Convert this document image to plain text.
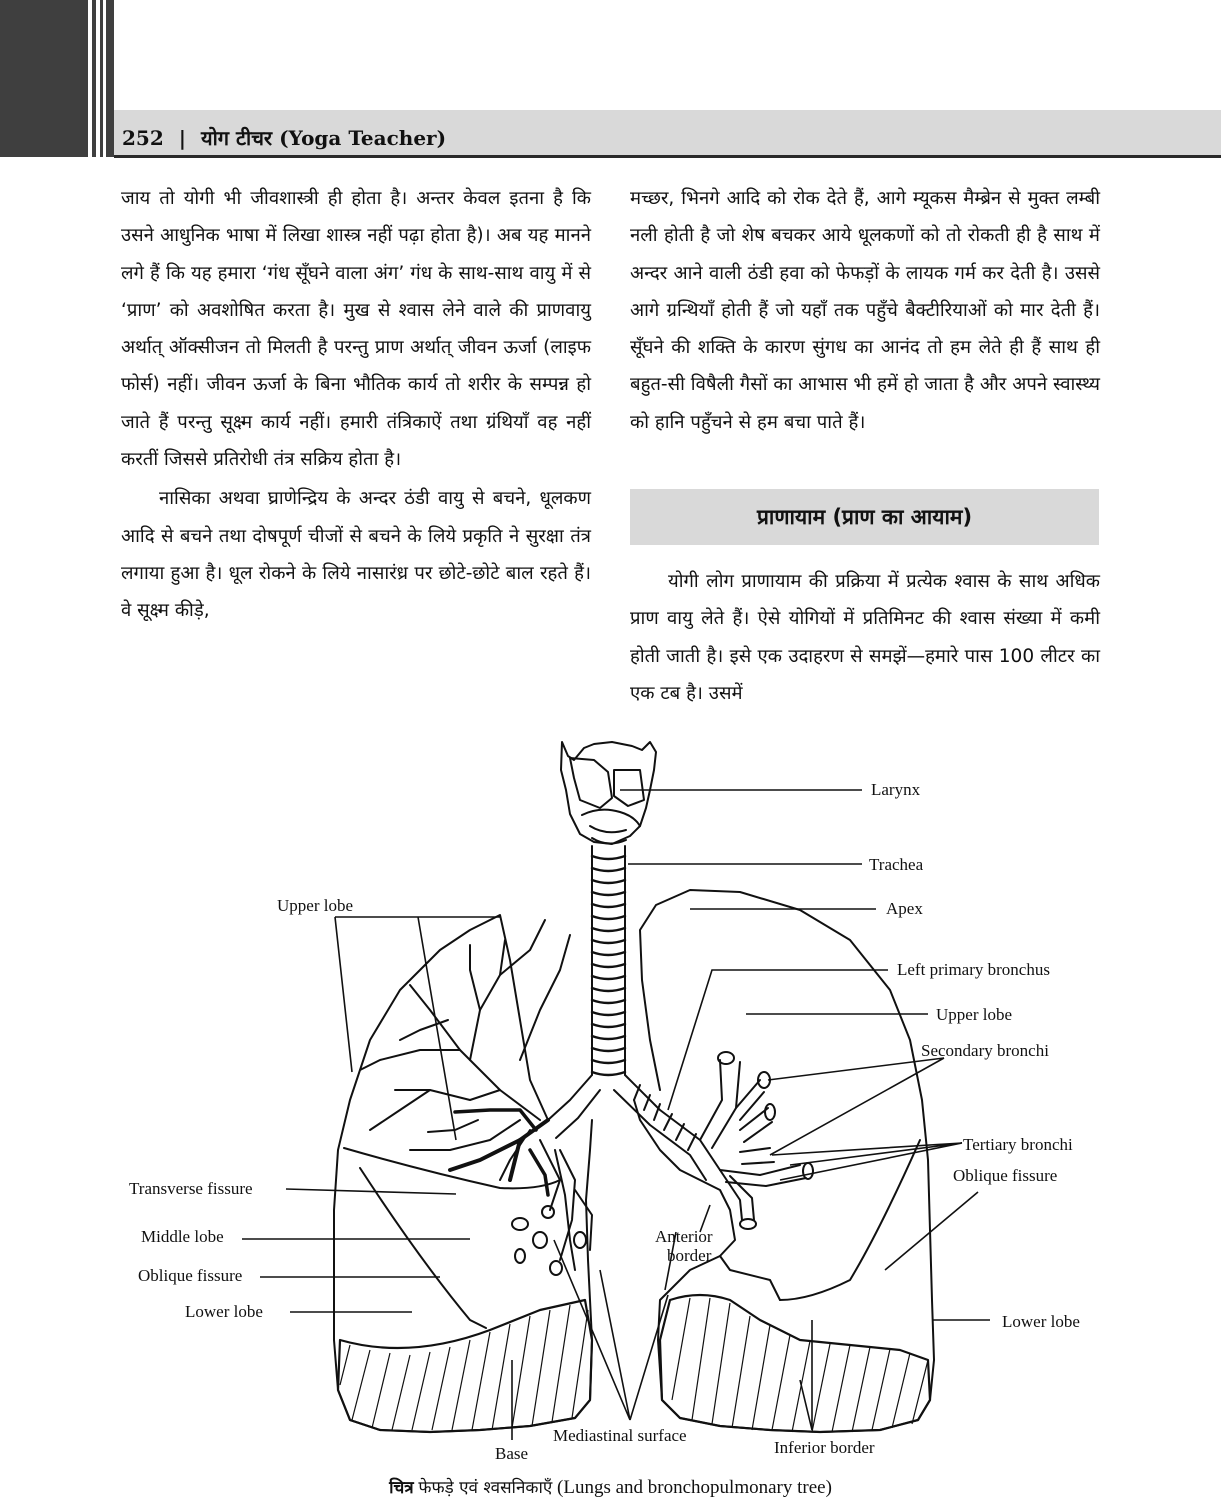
252 | योग टीचर (Yoga Teacher)

जाय तो योगी भी जीवशास्त्री ही होता है। अन्तर केवल इतना है कि उसने आधुनिक भाषा में लिखा शास्त्र नहीं पढ़ा होता है)। अब यह मानने लगे हैं कि यह हमारा ‘गंध सूँघने वाला अंग’ गंध के साथ-साथ वायु में से ‘प्राण’ को अवशोषित करता है। मुख से श्वास लेने वाले की प्राणवायु अर्थात् ऑक्सीजन तो मिलती है परन्तु प्राण अर्थात् जीवन ऊर्जा (लाइफ फोर्स) नहीं। जीवन ऊर्जा के बिना भौतिक कार्य तो शरीर के सम्पन्न हो जाते हैं परन्तु सूक्ष्म कार्य नहीं। हमारी तंत्रिकाऐं तथा ग्रंथियाँ वह नहीं करतीं जिससे प्रतिरोधी तंत्र सक्रिय होता है।

नासिका अथवा घ्राणेन्द्रिय के अन्दर ठंडी वायु से बचने, धूलकण आदि से बचने तथा दोषपूर्ण चीजों से बचने के लिये प्रकृति ने सुरक्षा तंत्र लगाया हुआ है। धूल रोकने के लिये नासारंध्र पर छोटे-छोटे बाल रहते हैं। वे सूक्ष्म कीड़े,

मच्छर, भिनगे आदि को रोक देते हैं, आगे म्यूकस मैम्ब्रेन से मुक्त लम्बी नली होती है जो शेष बचकर आये धूलकणों को तो रोकती ही है साथ में अन्दर आने वाली ठंडी हवा को फेफड़ों के लायक गर्म कर देती है। उससे आगे ग्रन्थियाँ होती हैं जो यहाँ तक पहुँचे बैक्टीरियाओं को मार देती हैं। सूँघने की शक्ति के कारण सुंगध का आनंद तो हम लेते ही हैं साथ ही बहुत-सी विषैली गैसों का आभास भी हमें हो जाता है और अपने स्वास्थ्य को हानि पहुँचने से हम बचा पाते हैं।

प्राणायाम (प्राण का आयाम)

योगी लोग प्राणायाम की प्रक्रिया में प्रत्येक श्वास के साथ अधिक प्राण वायु लेते हैं। ऐसे योगियों में प्रतिमिनट की श्वास संख्या में कमी होती जाती है। इसे एक उदाहरण से समझें—हमारे पास 100 लीटर का एक टब है। उसमें

Larynx
Trachea
Apex
Upper lobe
Left primary bronchus
Upper lobe
Secondary bronchi
Tertiary bronchi
Oblique fissure
Transverse fissure
Middle lobe
Oblique fissure
Lower lobe
Anterior border
Lower lobe
Mediastinal surface
Inferior border
Base
चित्र फेफड़े एवं श्वसनिकाएँ (Lungs and bronchopulmonary tree)
